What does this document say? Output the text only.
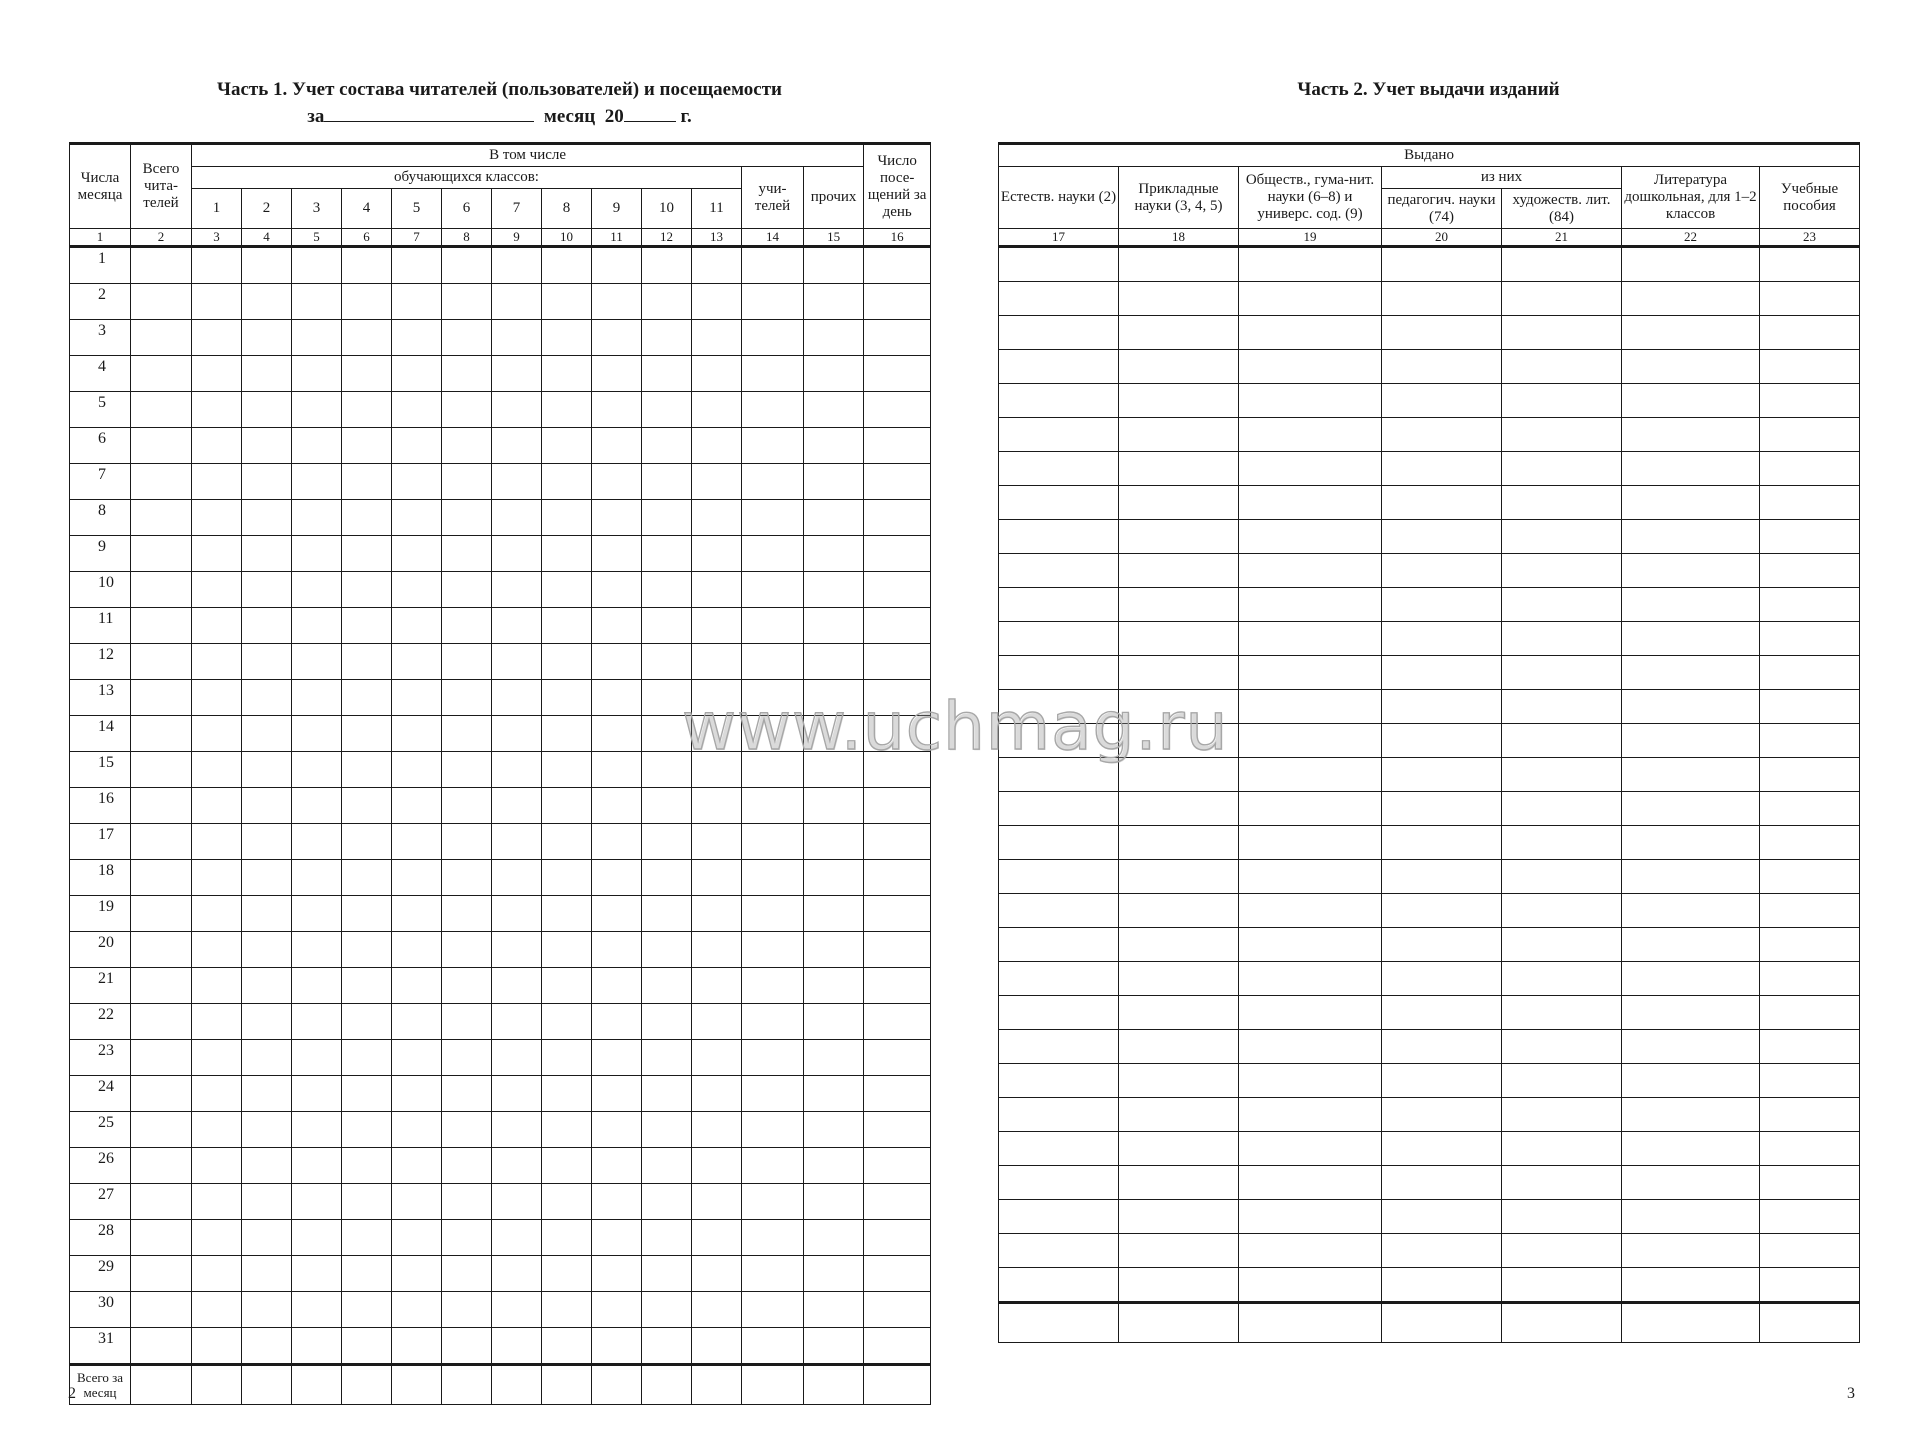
Часть 1. Учет состава читателей (пользователей) и посещаемости
за	месяц 20	г.
Числа месяца	Всего чита-телей	В том числе													Число посе-щений за день
		обучающихся классов:											учи-телей	прочих	
		1	2	3	4	5	6	7	8	9	10	11			
1	2	3	4	5	6	7	8	9	10	11	12	13	14	15	16
1															
2															
3															
4															
5															
6															
7															
8															
9															
10															
11															
12															
13															
14															
15															
16															
17															
18															
19															
20															
21															
22															
23															
24															
25															
26															
27															
28															
29															
30															
31															
Всего за месяц															
2
Часть 2. Учет выдачи изданий
Выдано						
Естеств. науки (2)	Прикладные науки (3, 4, 5)	Обществ., гума-нит. науки (6–8) и универс. сод. (9)	из них		Литература дошкольная, для 1–2 классов	Учебные пособия
			педагогич. науки (74)	художеств. лит. (84)		
17	18	19	20	21	22	23

3
www.uchmag.ru
